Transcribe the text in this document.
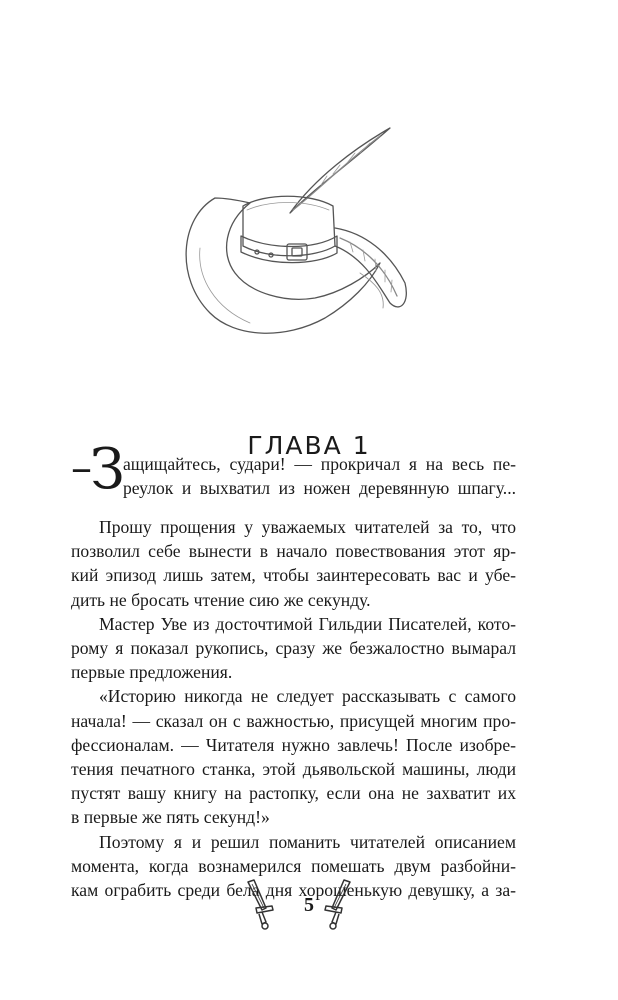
ГЛАВА 1
–З
ащищайтесь, судари! — прокричал я на весь пе-
реулок и выхватил из ножен деревянную шпагу...
Прошу прощения у уважаемых читателей за то, что
позволил себе вынести в начало повествования этот яр-
кий эпизод лишь затем, чтобы заинтересовать вас и убе-
дить не бросать чтение сию же секунду.
Мастер Уве из досточтимой Гильдии Писателей, кото-
рому я показал рукопись, сразу же безжалостно вымарал
первые предложения.
«Историю никогда не следует рассказывать с самого
начала! — сказал он с важностью, присущей многим про-
фессионалам. — Читателя нужно завлечь! После изобре-
тения печатного станка, этой дьявольской машины, люди
пустят вашу книгу на растопку, если она не захватит их
в первые же пять секунд!»
Поэтому я и решил поманить читателей описанием
момента, когда вознамерился помешать двум разбойни-
кам ограбить среди бела дня хорошенькую девушку, а за-
5
